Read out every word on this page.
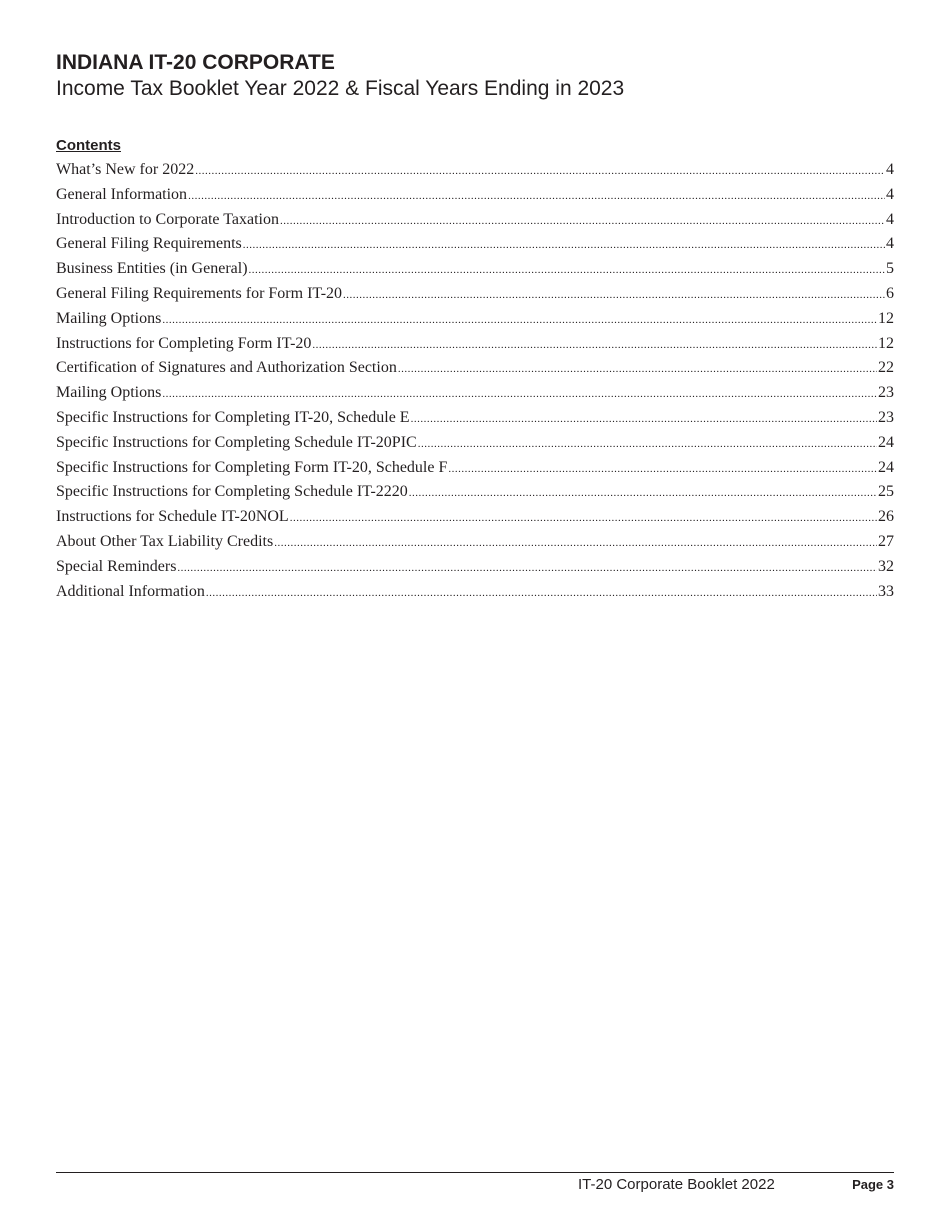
INDIANA IT-20 CORPORATE
Income Tax Booklet Year 2022 & Fiscal Years Ending in 2023
Contents
What’s New for 2022 .....	4
General Information .....	4
Introduction to Corporate Taxation .....	4
General Filing Requirements .....	4
Business Entities (in General) .....	5
General Filing Requirements for Form IT-20 .....	6
Mailing Options .....	12
Instructions for Completing Form IT-20 .....	12
Certification of Signatures and Authorization Section .....	22
Mailing Options .....	23
Specific Instructions for Completing IT-20, Schedule E .....	23
Specific Instructions for Completing Schedule IT-20PIC .....	24
Specific Instructions for Completing Form IT-20, Schedule F .....	24
Specific Instructions for Completing Schedule IT-2220 .....	25
Instructions for Schedule IT-20NOL .....	26
About Other Tax Liability Credits .....	27
Special Reminders .....	32
Additional Information .....	33
IT-20 Corporate Booklet 2022	Page 3
